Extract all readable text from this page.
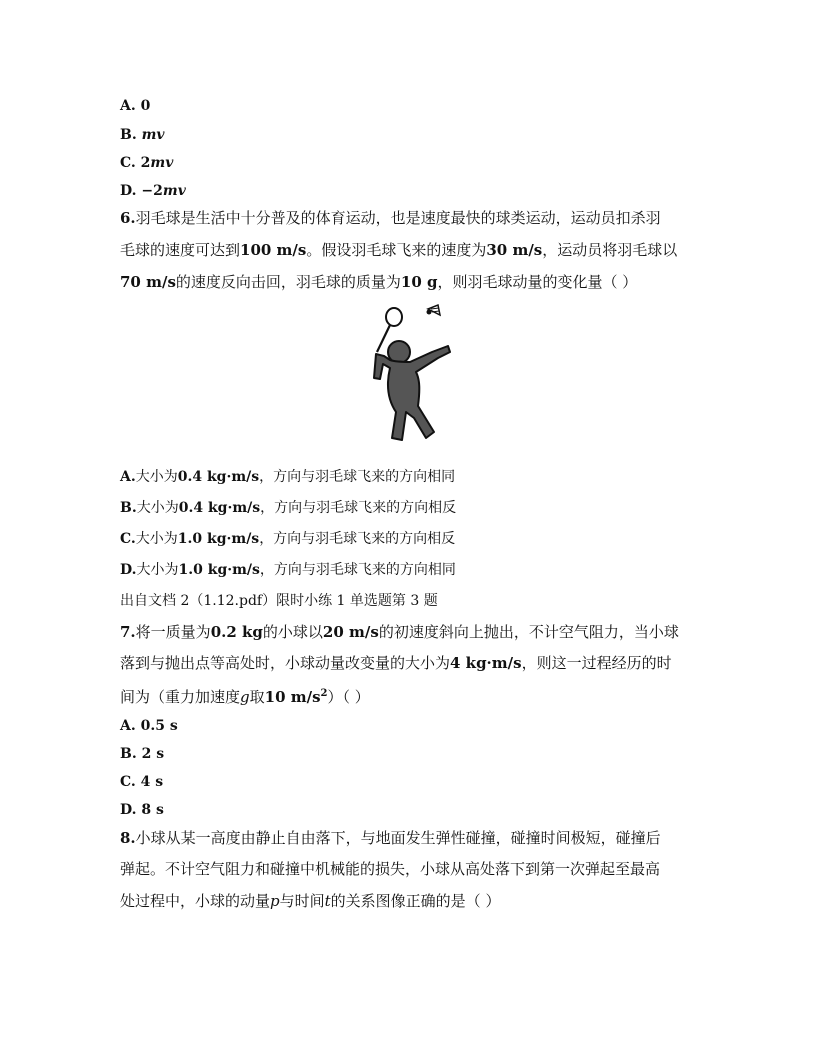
A. 0
B. mv
C. 2mv
D. −2mv
6.羽毛球是生活中十分普及的体育运动，也是速度最快的球类运动，运动员扣杀羽
毛球的速度可达到100 m/s。假设羽毛球飞来的速度为30 m/s，运动员将羽毛球以
70 m/s的速度反向击回，羽毛球的质量为10 g，则羽毛球动量的变化量（ ）
A.大小为0.4 kg·m/s，方向与羽毛球飞来的方向相同
B.大小为0.4 kg·m/s，方向与羽毛球飞来的方向相反
C.大小为1.0 kg·m/s，方向与羽毛球飞来的方向相反
D.大小为1.0 kg·m/s，方向与羽毛球飞来的方向相同
出自文档 2（1.12.pdf）限时小练 1 单选题第 3 题
7.将一质量为0.2 kg的小球以20 m/s的初速度斜向上抛出，不计空气阻力，当小球
落到与抛出点等高处时，小球动量改变量的大小为4 kg·m/s，则这一过程经历的时
间为（重力加速度g取10 $m/s^2$）（ ）
A. 0.5 s
B. 2 s
C. 4 s
D. 8 s
8.小球从某一高度由静止自由落下，与地面发生弹性碰撞，碰撞时间极短，碰撞后
弹起。不计空气阻力和碰撞中机械能的损失，小球从高处落下到第一次弹起至最高
处过程中，小球的动量p与时间t的关系图像正确的是（ ）
